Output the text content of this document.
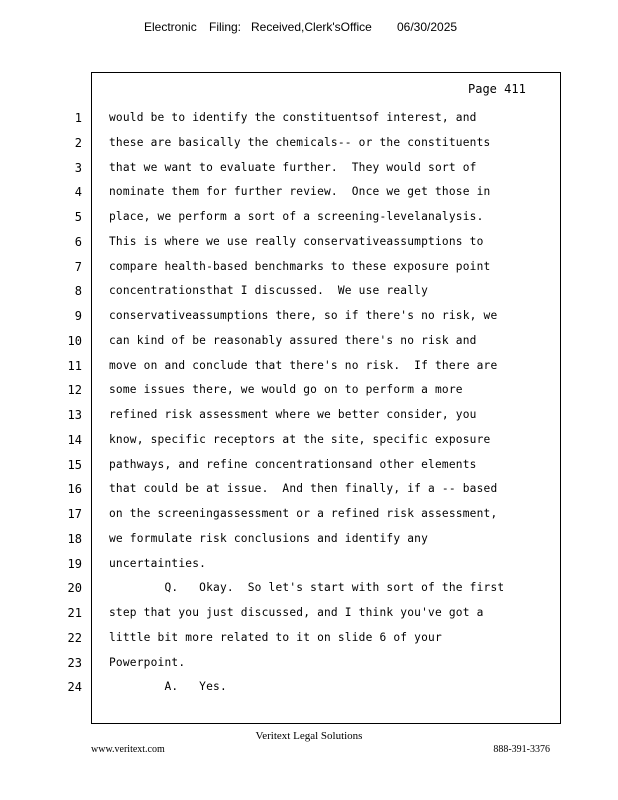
Electronic Filing: Received,Clerk'sOffice 06/30/2025
Page 411
1 would be to identify the constituentsof interest, and
2 these are basically the chemicals-- or the constituents
3 that we want to evaluate further.  They would sort of
4 nominate them for further review.  Once we get those in
5 place, we perform a sort of a screening-levelanalysis.
6 This is where we use really conservativeassumptions to
7 compare health-based benchmarks to these exposure point
8 concentrationsthat I discussed.  We use really
9 conservativeassumptions there, so if there's no risk, we
10 can kind of be reasonably assured there's no risk and
11 move on and conclude that there's no risk.  If there are
12 some issues there, we would go on to perform a more
13 refined risk assessment where we better consider, you
14 know, specific receptors at the site, specific exposure
15 pathways, and refine concentrationsand other elements
16 that could be at issue.  And then finally, if a -- based
17 on the screeningassessment or a refined risk assessment,
18 we formulate risk conclusions and identify any
19 uncertainties.
20 Q.   Okay.  So let's start with sort of the first
21 step that you just discussed, and I think you've got a
22 little bit more related to it on slide 6 of your
23 Powerpoint.
24 A.   Yes.
Veritext Legal Solutions
www.veritext.com	888-391-3376
